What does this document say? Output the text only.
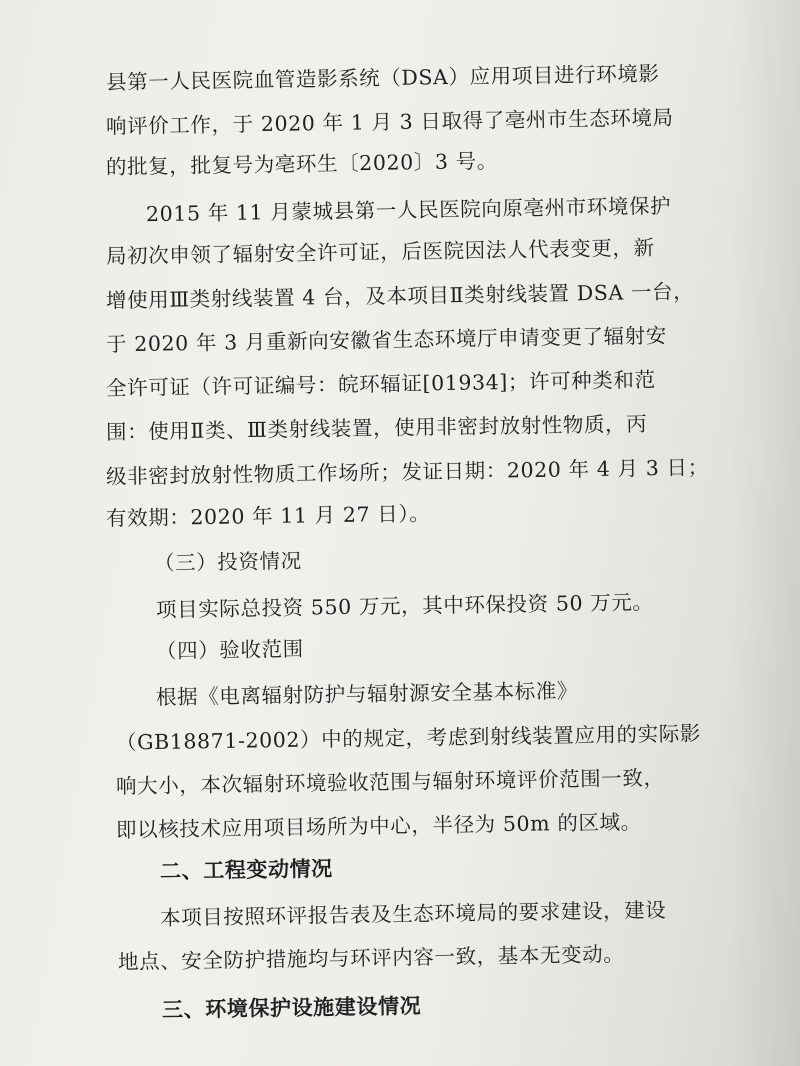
县第一人民医院血管造影系统（DSA）应用项目进行环境影
响评价工作，于 2020 年 1 月 3 日取得了亳州市生态环境局
的批复，批复号为亳环生〔2020〕3 号。
2015 年 11 月蒙城县第一人民医院向原亳州市环境保护
局初次申领了辐射安全许可证，后医院因法人代表变更，新
增使用Ⅲ类射线装置 4 台，及本项目Ⅱ类射线装置 DSA 一台，
于 2020 年 3 月重新向安徽省生态环境厅申请变更了辐射安
全许可证（许可证编号：皖环辐证[01934]；许可种类和范
围：使用Ⅱ类、Ⅲ类射线装置，使用非密封放射性物质，丙
级非密封放射性物质工作场所；发证日期：2020 年 4 月 3 日；
有效期：2020 年 11 月 27 日）。
（三）投资情况
项目实际总投资 550 万元，其中环保投资 50 万元。
（四）验收范围
根据《电离辐射防护与辐射源安全基本标准》
（GB18871-2002）中的规定，考虑到射线装置应用的实际影
响大小，本次辐射环境验收范围与辐射环境评价范围一致，
即以核技术应用项目场所为中心，半径为 50m 的区域。
二、工程变动情况
本项目按照环评报告表及生态环境局的要求建设，建设
地点、安全防护措施均与环评内容一致，基本无变动。
三、环境保护设施建设情况
